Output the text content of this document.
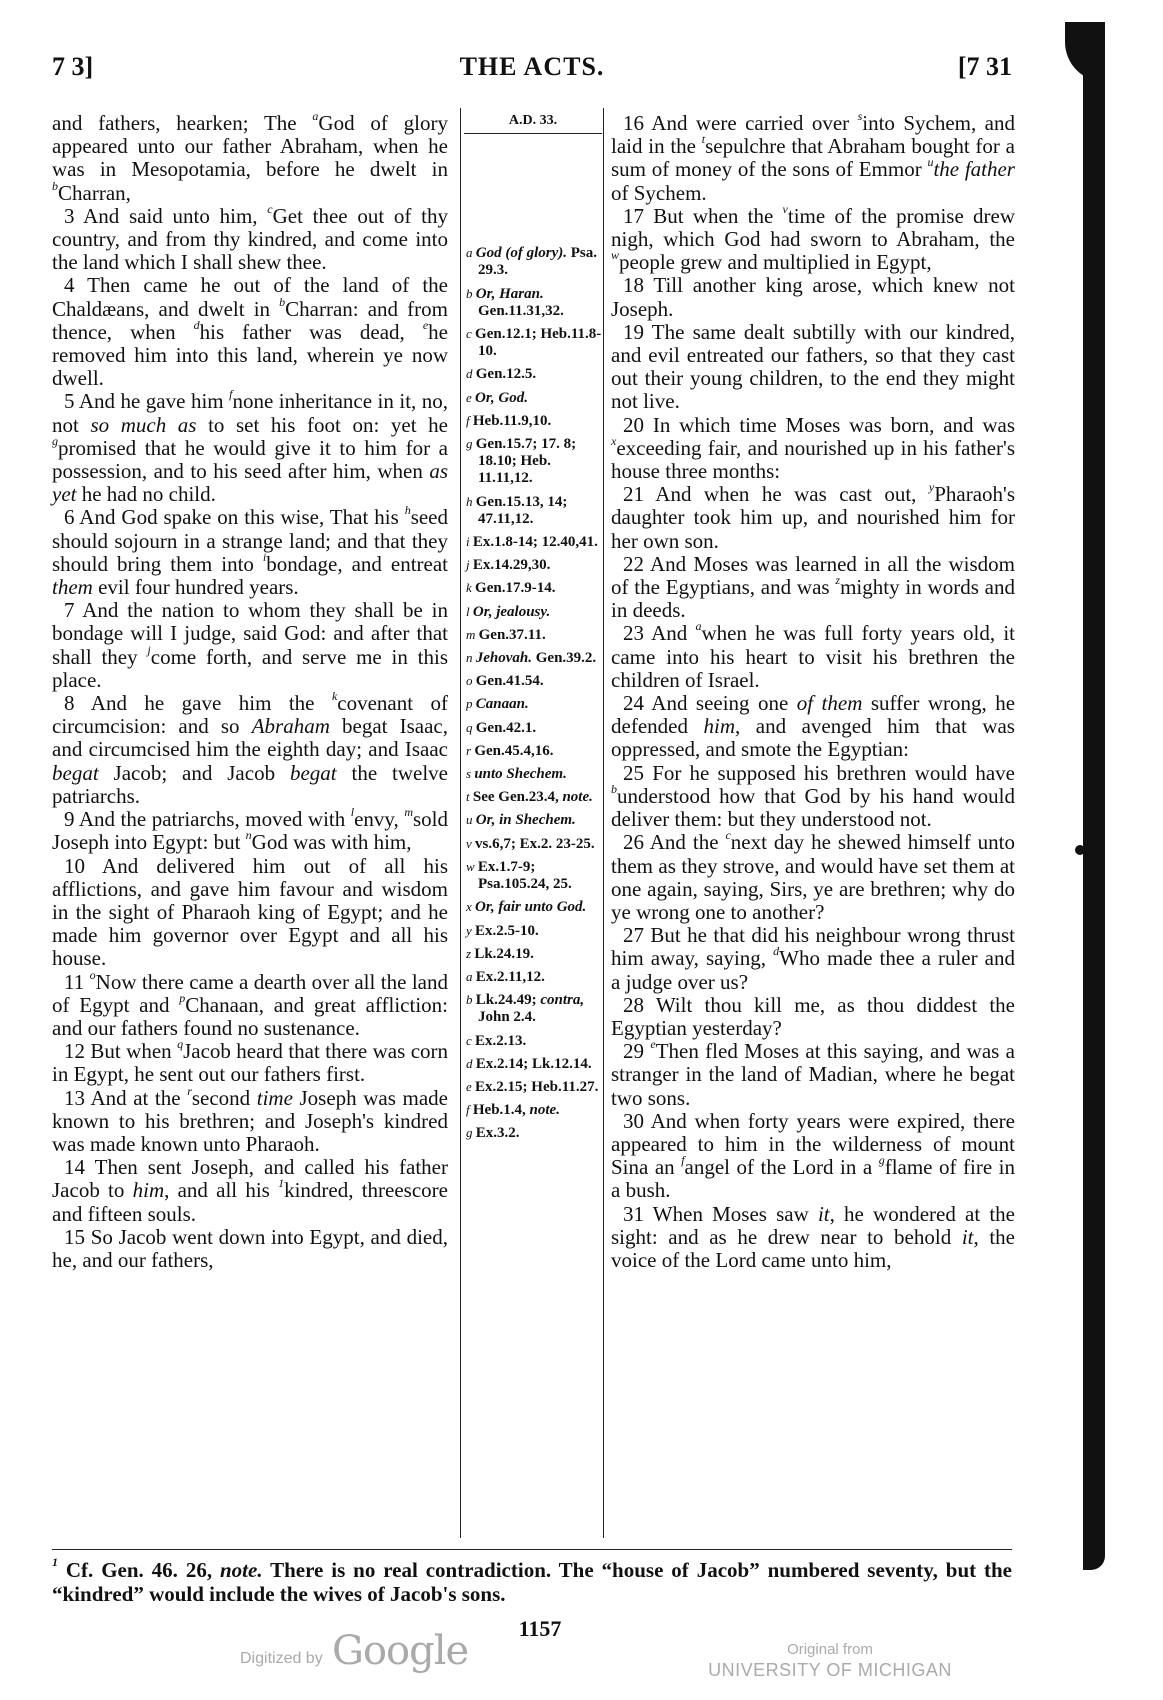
7 3]	THE ACTS.	[7 31

and fathers, hearken; The $^a$God of glory appeared unto our father Abraham, when he was in Mesopotamia, before he dwelt in $^b$Charran,

3 And said unto him, $^c$Get thee out of thy country, and from thy kindred, and come into the land which I shall shew thee.

4 Then came he out of the land of the Chaldæans, and dwelt in $^b$Charran: and from thence, when $^d$his father was dead, $^e$he removed him into this land, wherein ye now dwell.

5 And he gave him $^f$none inheritance in it, no, not so much as to set his foot on: yet he $^g$promised that he would give it to him for a possession, and to his seed after him, when as yet he had no child.

6 And God spake on this wise, That his $^h$seed should sojourn in a strange land; and that they should bring them into $^i$bondage, and entreat them evil four hundred years.

7 And the nation to whom they shall be in bondage will I judge, said God: and after that shall they $^j$come forth, and serve me in this place.

8 And he gave him the $^k$covenant of circumcision: and so Abraham begat Isaac, and circumcised him the eighth day; and Isaac begat Jacob; and Jacob begat the twelve patriarchs.

9 And the patriarchs, moved with $^l$envy, $^m$sold Joseph into Egypt: but $^n$God was with him,

10 And delivered him out of all his afflictions, and gave him favour and wisdom in the sight of Pharaoh king of Egypt; and he made him governor over Egypt and all his house.

11 $^o$Now there came a dearth over all the land of Egypt and $^p$Chanaan, and great affliction: and our fathers found no sustenance.

12 But when $^q$Jacob heard that there was corn in Egypt, he sent out our fathers first.

13 And at the $^r$second time Joseph was made known to his brethren; and Joseph's kindred was made known unto Pharaoh.

14 Then sent Joseph, and called his father Jacob to him, and all his $^1$kindred, threescore and fifteen souls.

15 So Jacob went down into Egypt, and died, he, and our fathers,

A.D. 33.
a God (of glory). Psa. 29.3.
b Or, Haran. Gen.11.31,32.
c Gen.12.1; Heb.11.8-10.
d Gen.12.5.
e Or, God.
f Heb.11.9,10.
g Gen.15.7; 17. 8; 18.10; Heb. 11.11,12.
h Gen.15.13, 14; 47.11,12.
i Ex.1.8-14; 12.40,41.
j Ex.14.29,30.
k Gen.17.9-14.
l Or, jealousy.
m Gen.37.11.
n Jehovah. Gen.39.2.
o Gen.41.54.
p Canaan.
q Gen.42.1.
r Gen.45.4,16.
s unto Shechem.
t See Gen.23.4, note.
u Or, in Shechem.
v vs.6,7; Ex.2. 23-25.
w Ex.1.7-9; Psa.105.24, 25.
x Or, fair unto God.
y Ex.2.5-10.
z Lk.24.19.
a Ex.2.11,12.
b Lk.24.49; contra, John 2.4.
c Ex.2.13.
d Ex.2.14; Lk.12.14.
e Ex.2.15; Heb.11.27.
f Heb.1.4, note.
g Ex.3.2.

16 And were carried over $^s$into Sychem, and laid in the $^t$sepulchre that Abraham bought for a sum of money of the sons of Emmor $^u$the father of Sychem.

17 But when the $^v$time of the promise drew nigh, which God had sworn to Abraham, the $^w$people grew and multiplied in Egypt,

18 Till another king arose, which knew not Joseph.

19 The same dealt subtilly with our kindred, and evil entreated our fathers, so that they cast out their young children, to the end they might not live.

20 In which time Moses was born, and was $^x$exceeding fair, and nourished up in his father's house three months:

21 And when he was cast out, $^y$Pharaoh's daughter took him up, and nourished him for her own son.

22 And Moses was learned in all the wisdom of the Egyptians, and was $^z$mighty in words and in deeds.

23 And $^a$when he was full forty years old, it came into his heart to visit his brethren the children of Israel.

24 And seeing one of them suffer wrong, he defended him, and avenged him that was oppressed, and smote the Egyptian:

25 For he supposed his brethren would have $^b$understood how that God by his hand would deliver them: but they understood not.

26 And the $^c$next day he shewed himself unto them as they strove, and would have set them at one again, saying, Sirs, ye are brethren; why do ye wrong one to another?

27 But he that did his neighbour wrong thrust him away, saying, $^d$Who made thee a ruler and a judge over us?

28 Wilt thou kill me, as thou diddest the Egyptian yesterday?

29 $^e$Then fled Moses at this saying, and was a stranger in the land of Madian, where he begat two sons.

30 And when forty years were expired, there appeared to him in the wilderness of mount Sina an $^f$angel of the Lord in a $^g$flame of fire in a bush.

31 When Moses saw it, he wondered at the sight: and as he drew near to behold it, the voice of the Lord came unto him,

$^1$ Cf. Gen. 46. 26, note. There is no real contradiction. The “house of Jacob” numbered seventy, but the “kindred” would include the wives of Jacob's sons.
1157
Digitized by Google	Original from
UNIVERSITY OF MICHIGAN
